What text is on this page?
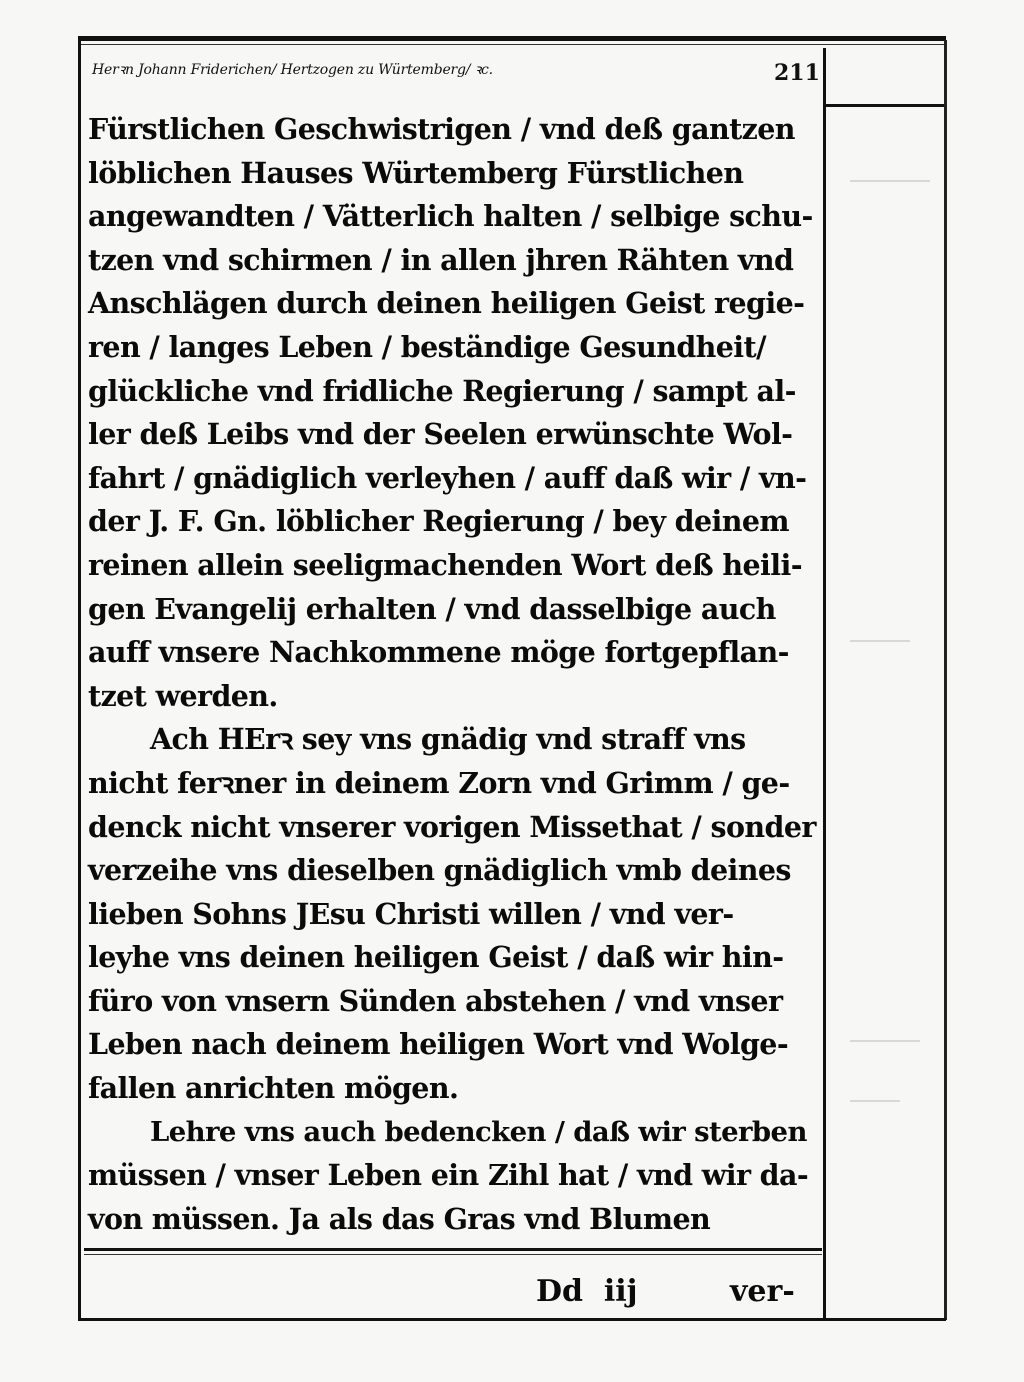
Herꝛn Johann Friderichen/ Hertzogen zu Würtemberg/ ꝛc.	211
Fürstlichen Geschwistrigen / vnd deß gantzen
löblichen Hauses Würtemberg Fürstlichen
angewandten / Vätterlich halten / selbige schu-
tzen vnd schirmen / in allen jhren Rähten vnd
Anschlägen durch deinen heiligen Geist regie-
ren / langes Leben / beständige Gesundheit/
glückliche vnd fridliche Regierung / sampt al-
ler deß Leibs vnd der Seelen erwünschte Wol-
fahrt / gnädiglich verleyhen / auff daß wir / vn-
der J. F. Gn. löblicher Regierung / bey deinem
reinen allein seeligmachenden Wort deß heili-
gen Evangelij erhalten / vnd dasselbige auch
auff vnsere Nachkommene möge fortgepflan-
tzet werden.
Ach HErꝛ sey vns gnädig vnd straff vns
nicht ferꝛner in deinem Zorn vnd Grimm / ge-
denck nicht vnserer vorigen Missethat / sonder
verzeihe vns dieselben gnädiglich vmb deines
lieben Sohns JEsu Christi willen / vnd ver-
leyhe vns deinen heiligen Geist / daß wir hin-
füro von vnsern Sünden abstehen / vnd vnser
Leben nach deinem heiligen Wort vnd Wolge-
fallen anrichten mögen.
Lehre vns auch bedencken / daß wir sterben
müssen / vnser Leben ein Zihl hat / vnd wir da-
von müssen. Ja als das Gras vnd Blumen
Dd  iij	ver-
